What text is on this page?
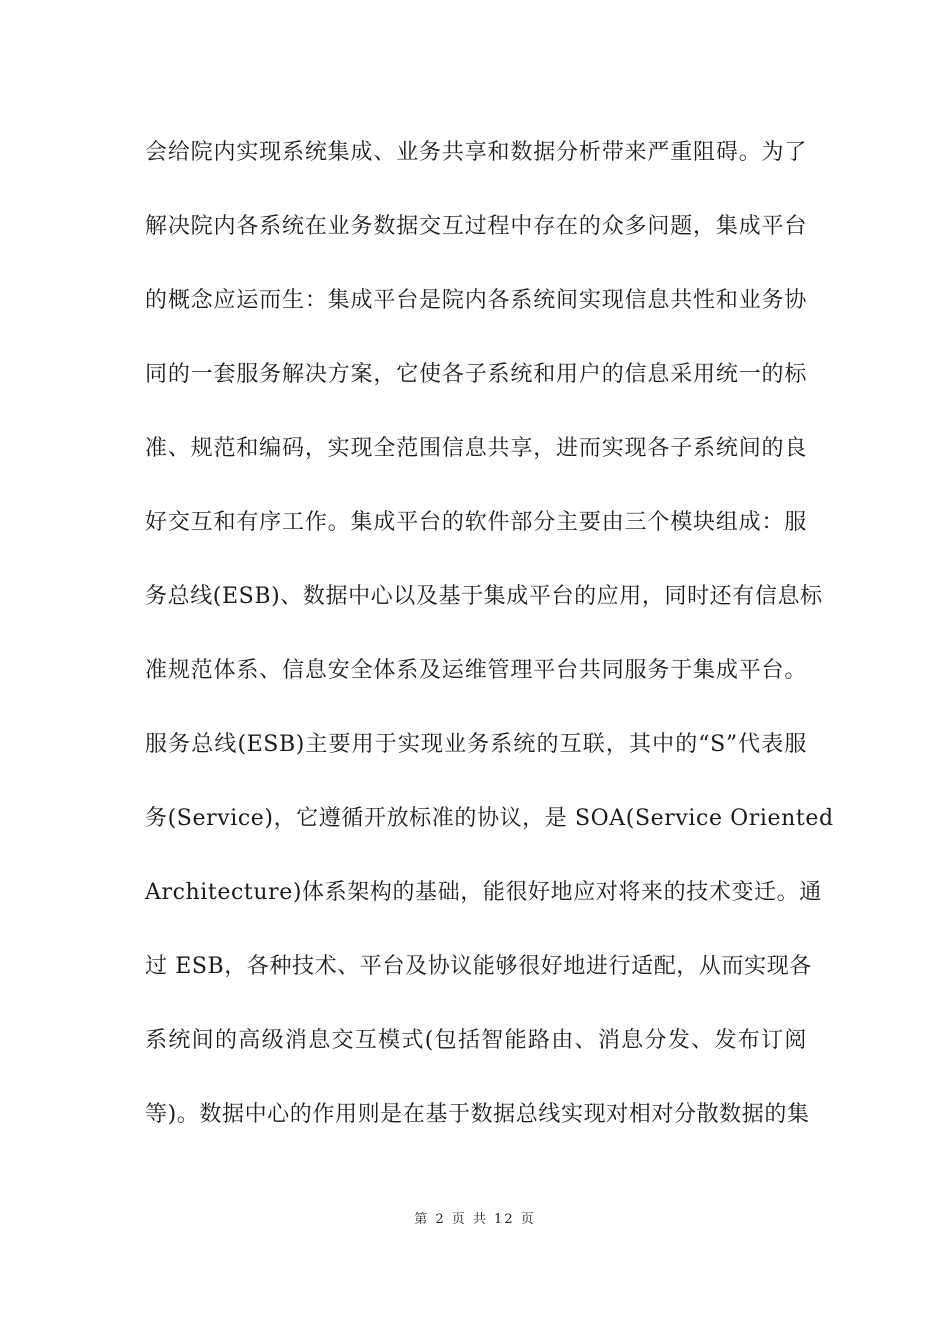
会给院内实现系统集成、业务共享和数据分析带来严重阻碍。为了
解决院内各系统在业务数据交互过程中存在的众多问题，集成平台
的概念应运而生：集成平台是院内各系统间实现信息共性和业务协
同的一套服务解决方案，它使各子系统和用户的信息采用统一的标
准、规范和编码，实现全范围信息共享，进而实现各子系统间的良
好交互和有序工作。集成平台的软件部分主要由三个模块组成：服
务总线(ESB)、数据中心以及基于集成平台的应用，同时还有信息标
准规范体系、信息安全体系及运维管理平台共同服务于集成平台。
服务总线(ESB)主要用于实现业务系统的互联，其中的“S”代表服
务(Service)，它遵循开放标准的协议，是 SOA(Service Oriented
Architecture)体系架构的基础，能很好地应对将来的技术变迁。通
过 ESB，各种技术、平台及协议能够很好地进行适配，从而实现各
系统间的高级消息交互模式(包括智能路由、消息分发、发布订阅
等)。数据中心的作用则是在基于数据总线实现对相对分散数据的集
第 2 页 共 12 页
